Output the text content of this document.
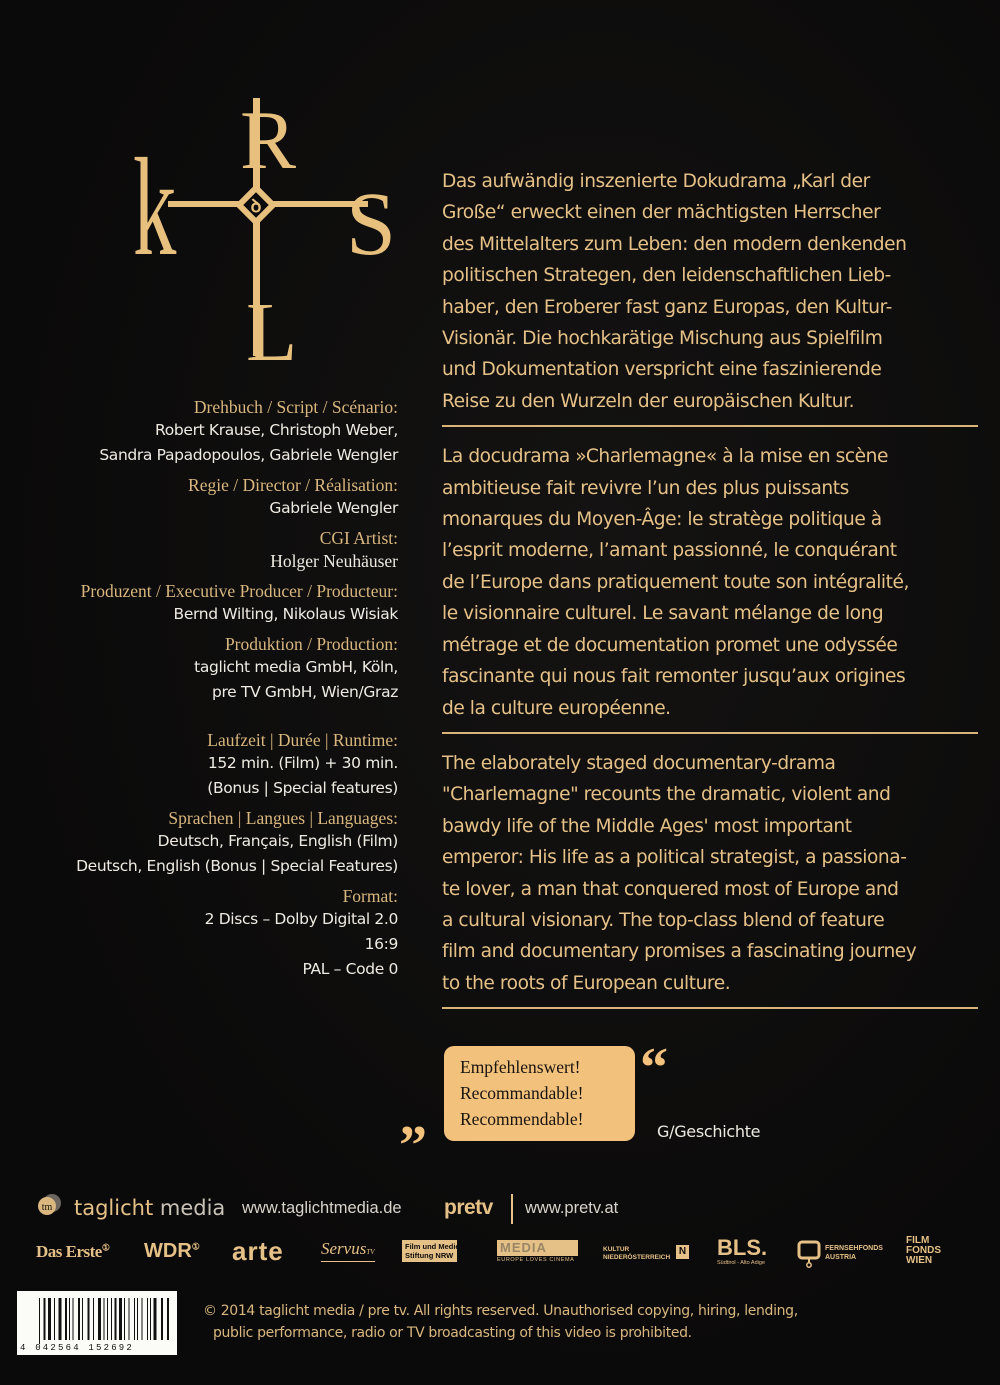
ꝺ
k R
S
L
Drehbuch / Script / Scénario:
Robert Krause, Christoph Weber,
Sandra Papadopoulos, Gabriele Wengler
Regie / Director / Réalisation:
Gabriele Wengler
CGI Artist:
Holger Neuhäuser
Produzent / Executive Producer / Producteur:
Bernd Wilting, Nikolaus Wisiak
Produktion / Production:
taglicht media GmbH, Köln,
pre TV GmbH, Wien/Graz
Laufzeit | Durée | Runtime:
152 min. (Film) + 30 min.
(Bonus | Special features)
Sprachen | Langues | Languages:
Deutsch, Français, English (Film)
Deutsch, English (Bonus | Special Features)
Format:
2 Discs – Dolby Digital 2.0
16:9
PAL – Code 0
Das aufwändig inszenierte Dokudrama „Karl der
Große“ erweckt einen der mächtigsten Herrscher
des Mittelalters zum Leben: den modern denkenden
politischen Strategen, den leidenschaftlichen Lieb-
haber, den Eroberer fast ganz Europas, den Kultur-
Visionär. Die hochkarätige Mischung aus Spielfilm
und Dokumentation verspricht eine faszinierende
Reise zu den Wurzeln der europäischen Kultur.
La docudrama »Charlemagne« à la mise en scène
ambitieuse fait revivre l’un des plus puissants
monarques du Moyen-Âge: le stratège politique à
l’esprit moderne, l’amant passionné, le conquérant
de l’Europe dans pratiquement toute son intégralité,
le visionnaire culturel. Le savant mélange de long
métrage et de documentation promet une odyssée
fascinante qui nous fait remonter jusqu’aux origines
de la culture européenne.
The elaborately staged documentary-drama
"Charlemagne" recounts the dramatic, violent and
bawdy life of the Middle Ages' most important
emperor: His life as a political strategist, a passiona-
te lover, a man that conquered most of Europe and
a cultural visionary. The top-class blend of feature
film and documentary promises a fascinating journey
to the roots of European culture.
“
Empfehlenswert!
Recommandable!
Recommendable!
”	G/Geschichte
tm taglicht media www.taglichtmedia.de pretv www.pretv.at
Das Erste① WDR① arte ServusTV
Film und Medien
Stiftung NRW
MEDIA
EUROPE LOVES CINEMA
KULTUR
NIEDERÖSTERREICH
N BLS.
Südtirol - Alto Adige
FERNSEHFONDS
AUSTRIA
FILM
FONDS
WIEN
4 042564 152692
© 2014 taglicht media / pre tv. All rights reserved. Unauthorised copying, hiring, lending,
public performance, radio or TV broadcasting of this video is prohibited.
